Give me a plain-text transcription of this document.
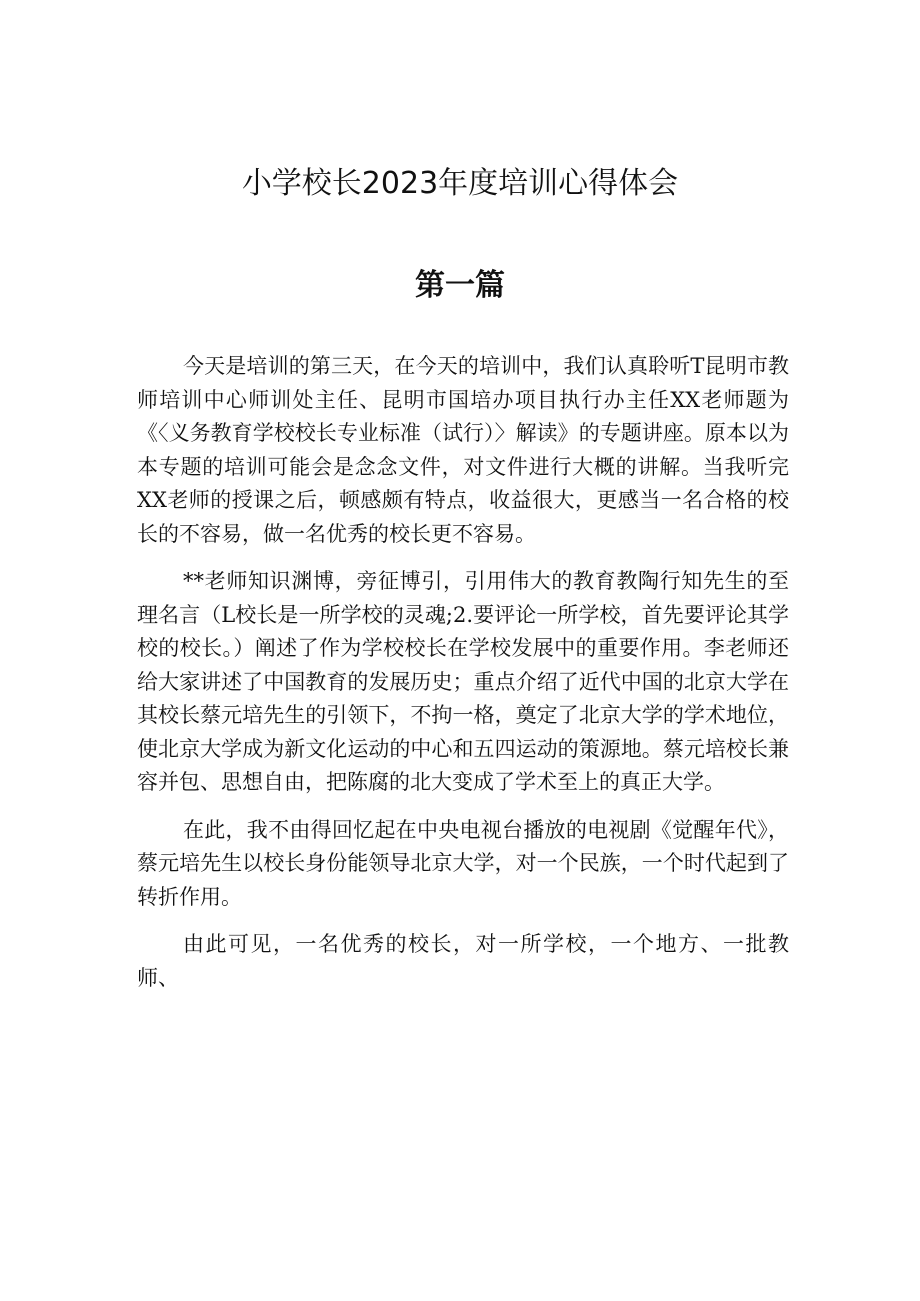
小学校长2023年度培训心得体会
第一篇

今天是培训的第三天，在今天的培训中，我们认真聆听T昆明市教师培训中心师训处主任、昆明市国培办项目执行办主任XX老师题为《〈义务教育学校校长专业标准（试行）〉解读》的专题讲座。原本以为本专题的培训可能会是念念文件，对文件进行大概的讲解。当我听完XX老师的授课之后，顿感颇有特点，收益很大，更感当一名合格的校长的不容易，做一名优秀的校长更不容易。

**老师知识渊博，旁征博引，引用伟大的教育教陶行知先生的至理名言（L校长是一所学校的灵魂;2.要评论一所学校，首先要评论其学校的校长。）阐述了作为学校校长在学校发展中的重要作用。李老师还给大家讲述了中国教育的发展历史；重点介绍了近代中国的北京大学在其校长蔡元培先生的引领下，不拘一格，奠定了北京大学的学术地位，使北京大学成为新文化运动的中心和五四运动的策源地。蔡元培校长兼容并包、思想自由，把陈腐的北大变成了学术至上的真正大学。

在此，我不由得回忆起在中央电视台播放的电视剧《觉醒年代》，蔡元培先生以校长身份能领导北京大学，对一个民族，一个时代起到了转折作用。

由此可见，一名优秀的校长，对一所学校，一个地方、一批教师、
